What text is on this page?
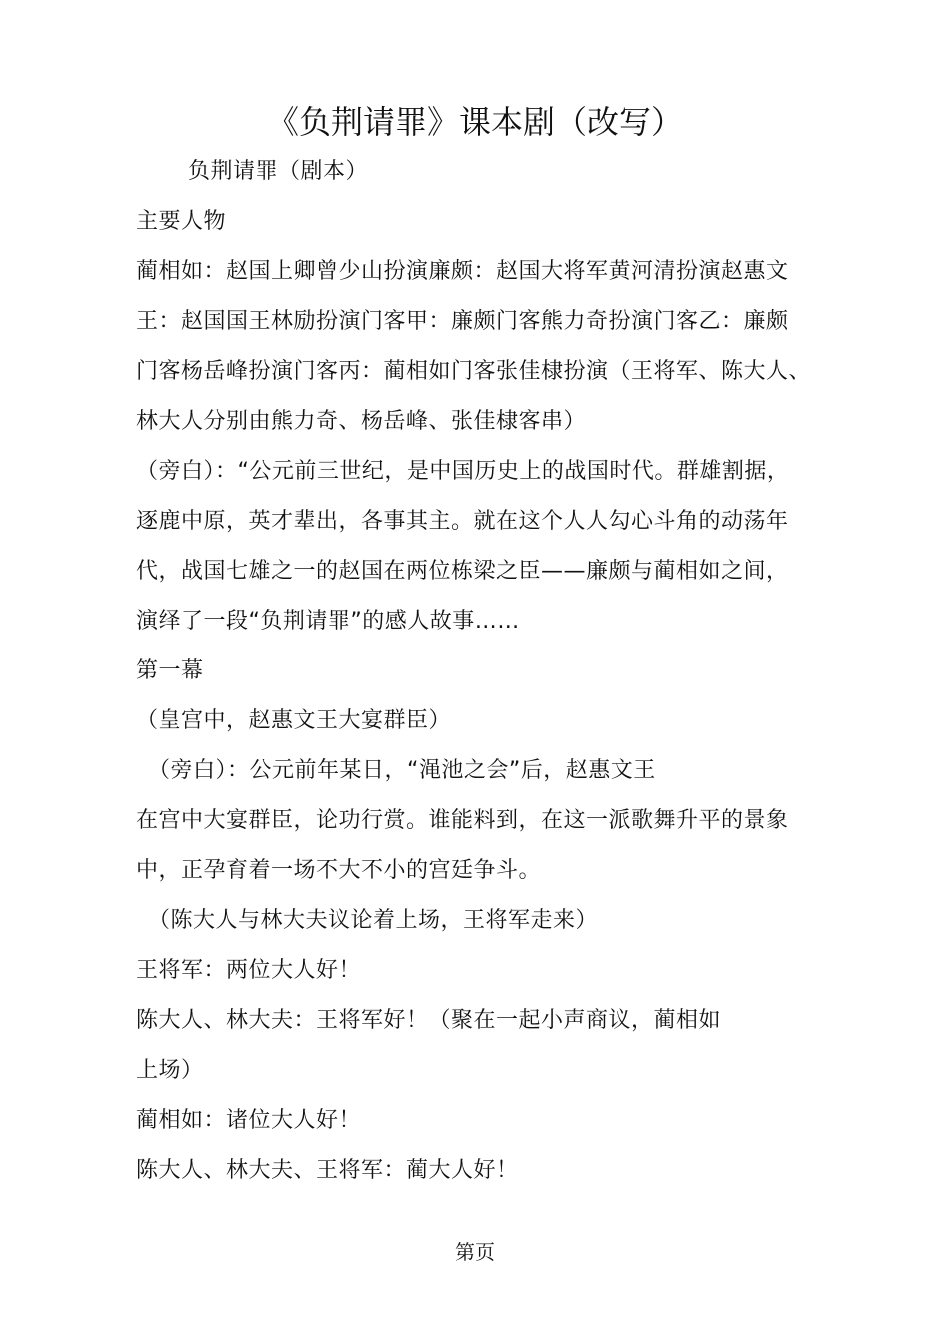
《负荆请罪》课本剧（改写）
负荆请罪（剧本）
主要人物
蔺相如：赵国上卿曾少山扮演廉颇：赵国大将军黄河清扮演赵惠文
王：赵国国王林励扮演门客甲：廉颇门客熊力奇扮演门客乙：廉颇
门客杨岳峰扮演门客丙：蔺相如门客张佳棣扮演（王将军、陈大人、
林大人分别由熊力奇、杨岳峰、张佳棣客串）
（旁白）：“公元前三世纪，是中国历史上的战国时代。群雄割据，
逐鹿中原，英才辈出，各事其主。就在这个人人勾心斗角的动荡年
代，战国七雄之一的赵国在两位栋梁之臣——廉颇与蔺相如之间，
演绎了一段“负荆请罪”的感人故事……
第一幕
（皇宫中，赵惠文王大宴群臣）
（旁白）：公元前年某日，“渑池之会”后，赵惠文王
在宫中大宴群臣，论功行赏。谁能料到，在这一派歌舞升平的景象
中，正孕育着一场不大不小的宫廷争斗。
（陈大人与林大夫议论着上场，王将军走来）
王将军：两位大人好！
陈大人、林大夫：王将军好！（聚在一起小声商议，蔺相如
上场）
蔺相如：诸位大人好！
陈大人、林大夫、王将军：蔺大人好！
第页
